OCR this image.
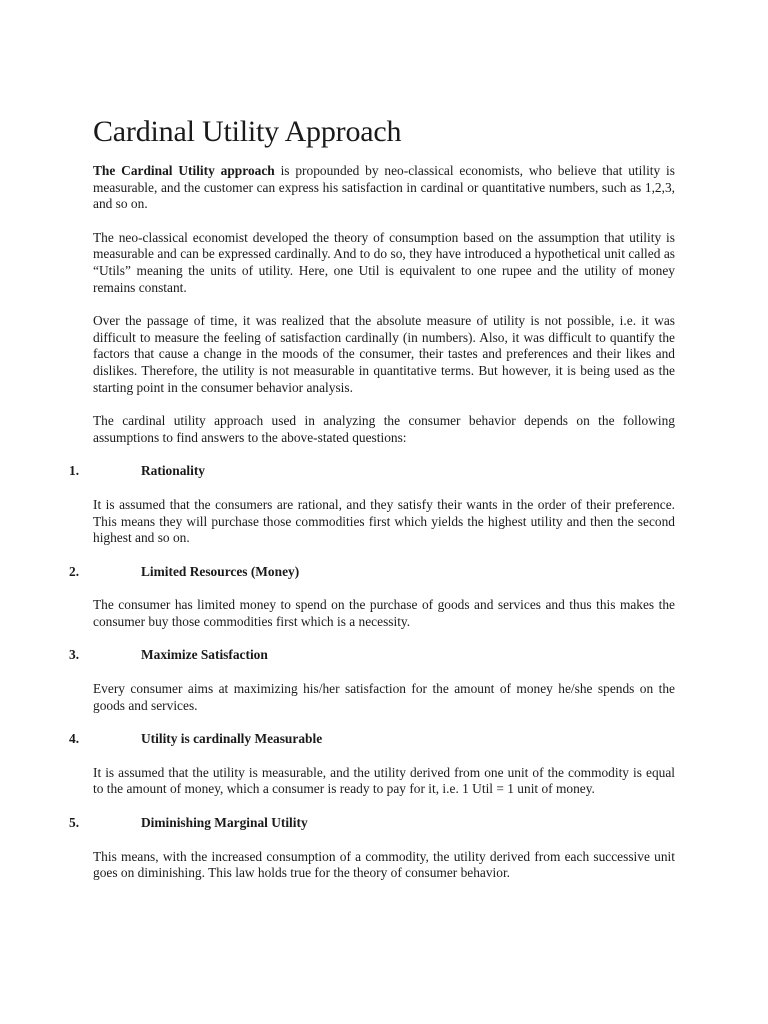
Cardinal Utility Approach

The Cardinal Utility approach is propounded by neo-classical economists, who believe that utility is measurable, and the customer can express his satisfaction in cardinal or quantitative numbers, such as 1,2,3, and so on.

The neo-classical economist developed the theory of consumption based on the assumption that utility is measurable and can be expressed cardinally. And to do so, they have introduced a hypothetical unit called as “Utils” meaning the units of utility. Here, one Util is equivalent to one rupee and the utility of money remains constant.

Over the passage of time, it was realized that the absolute measure of utility is not possible, i.e. it was difficult to measure the feeling of satisfaction cardinally (in numbers). Also, it was difficult to quantify the factors that cause a change in the moods of the consumer, their tastes and preferences and their likes and dislikes. Therefore, the utility is not measurable in quantitative terms. But however, it is being used as the starting point in the consumer behavior analysis.

The cardinal utility approach used in analyzing the consumer behavior depends on the following assumptions to find answers to the above-stated questions:

1.	Rationality

It is assumed that the consumers are rational, and they satisfy their wants in the order of their preference. This means they will purchase those commodities first which yields the highest utility and then the second highest and so on.

2.	Limited Resources (Money)

The consumer has limited money to spend on the purchase of goods and services and thus this makes the consumer buy those commodities first which is a necessity.

3.	Maximize Satisfaction

Every consumer aims at maximizing his/her satisfaction for the amount of money he/she spends on the goods and services.

4.	Utility is cardinally Measurable

It is assumed that the utility is measurable, and the utility derived from one unit of the commodity is equal to the amount of money, which a consumer is ready to pay for it, i.e. 1 Util = 1 unit of money.

5.	Diminishing Marginal Utility

This means, with the increased consumption of a commodity, the utility derived from each successive unit goes on diminishing. This law holds true for the theory of consumer behavior.
